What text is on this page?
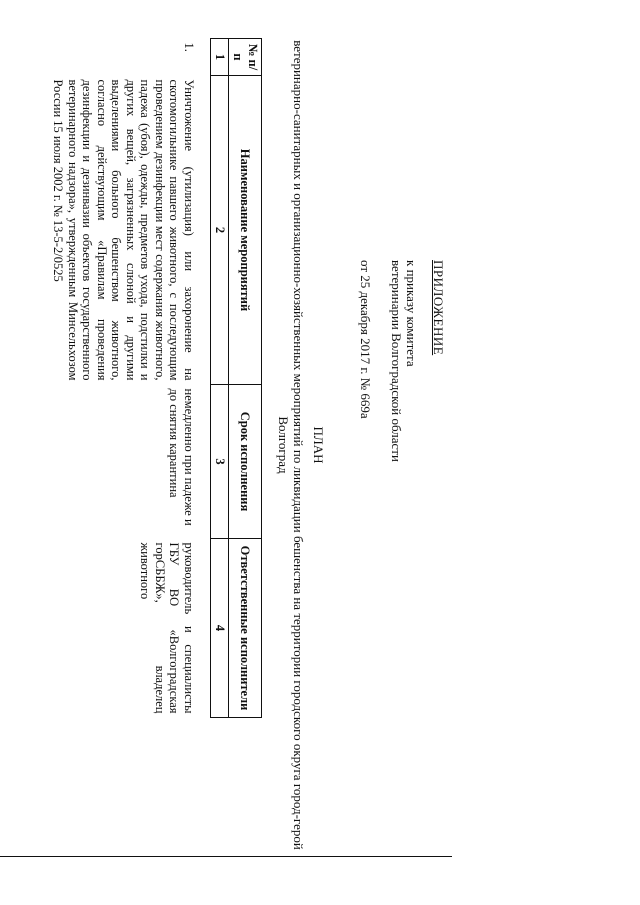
ПРИЛОЖЕНИЕ
к приказу комитета
ветеринарии Волгоградской области
от 25 декабря 2017 г. № 669а
ПЛАН
ветеринарно-санитарных и организационно-хозяйственных мероприятий по ликвидации бешенства на территории городского округа город-герой Волгоград
№ п/п	Наименование мероприятий	Срок исполнения	Ответственные исполнители
1	2	3	4
1.	Уничтожение (утилизация) или захоронение на скотомогильнике павшего животного, с последующим проведением дезинфекции мест содержания животного, падежа (убоя), одежды, предметов ухода, подстилки и других вещей, загрязненных слюной и другими выделениями больного бешенством животного, согласно действующим «Правилам проведения дезинфекции и дезинвазии объектов государственного ветеринарного надзора», утвержденным Минсельхозом России 15 июля 2002 г. № 13-5-2/0525	немедленно при падеже и до снятия карантина	руководитель и специалисты ГБУ ВО «Волгоградская горСББЖ», владелец животного
